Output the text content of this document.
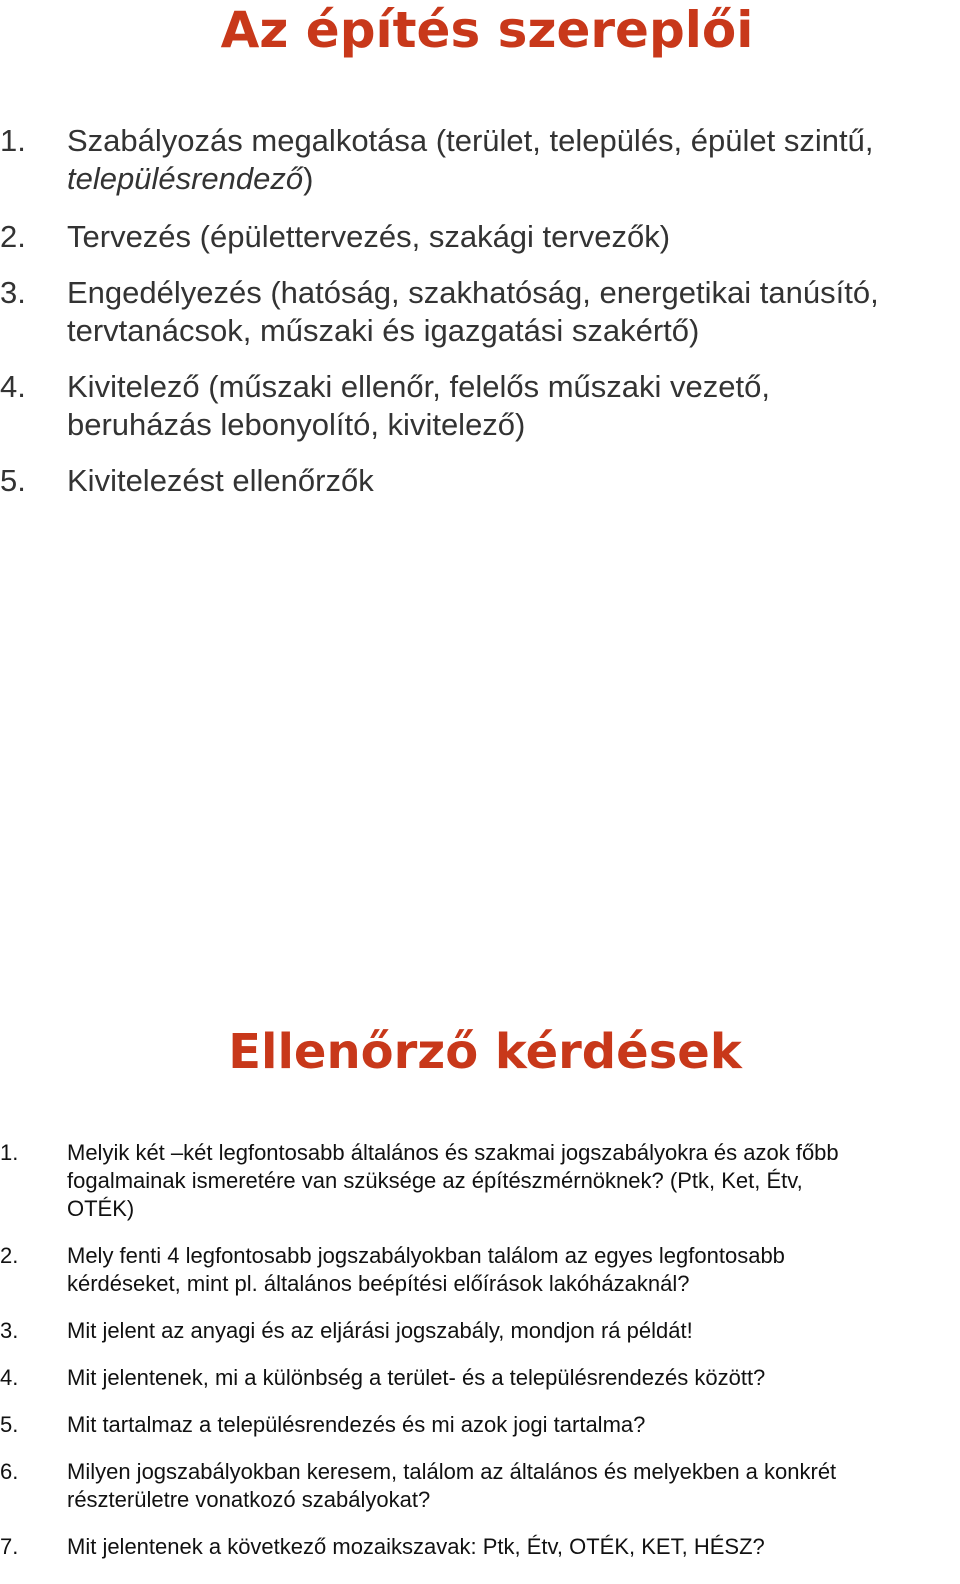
Az építés szereplői
1. Szabályozás megalkotása (terület, település, épület szintű,
településrendező)
2. Tervezés (épülettervezés, szakági tervezők)
3. Engedélyezés (hatóság, szakhatóság, energetikai tanúsító,
tervtanácsok, műszaki és igazgatási szakértő)
4. Kivitelező (műszaki ellenőr, felelős műszaki vezető,
beruházás lebonyolító, kivitelező)
5. Kivitelezést ellenőrzők
Ellenőrző kérdések
1. Melyik két –két legfontosabb általános és szakmai jogszabályokra és azok főbb
fogalmainak ismeretére van szüksége az építészmérnöknek? (Ptk, Ket, Étv,
OTÉK)
2. Mely fenti 4 legfontosabb jogszabályokban találom az egyes legfontosabb
kérdéseket, mint pl. általános beépítési előírások lakóházaknál?
3. Mit jelent az anyagi és az eljárási jogszabály, mondjon rá példát!
4. Mit jelentenek, mi a különbség a terület- és a településrendezés között?
5. Mit tartalmaz a településrendezés és mi azok jogi tartalma?
6. Milyen jogszabályokban keresem, találom az általános és melyekben a konkrét
részterületre vonatkozó szabályokat?
7. Mit jelentenek a következő mozaikszavak: Ptk, Étv, OTÉK, KET, HÉSZ?
